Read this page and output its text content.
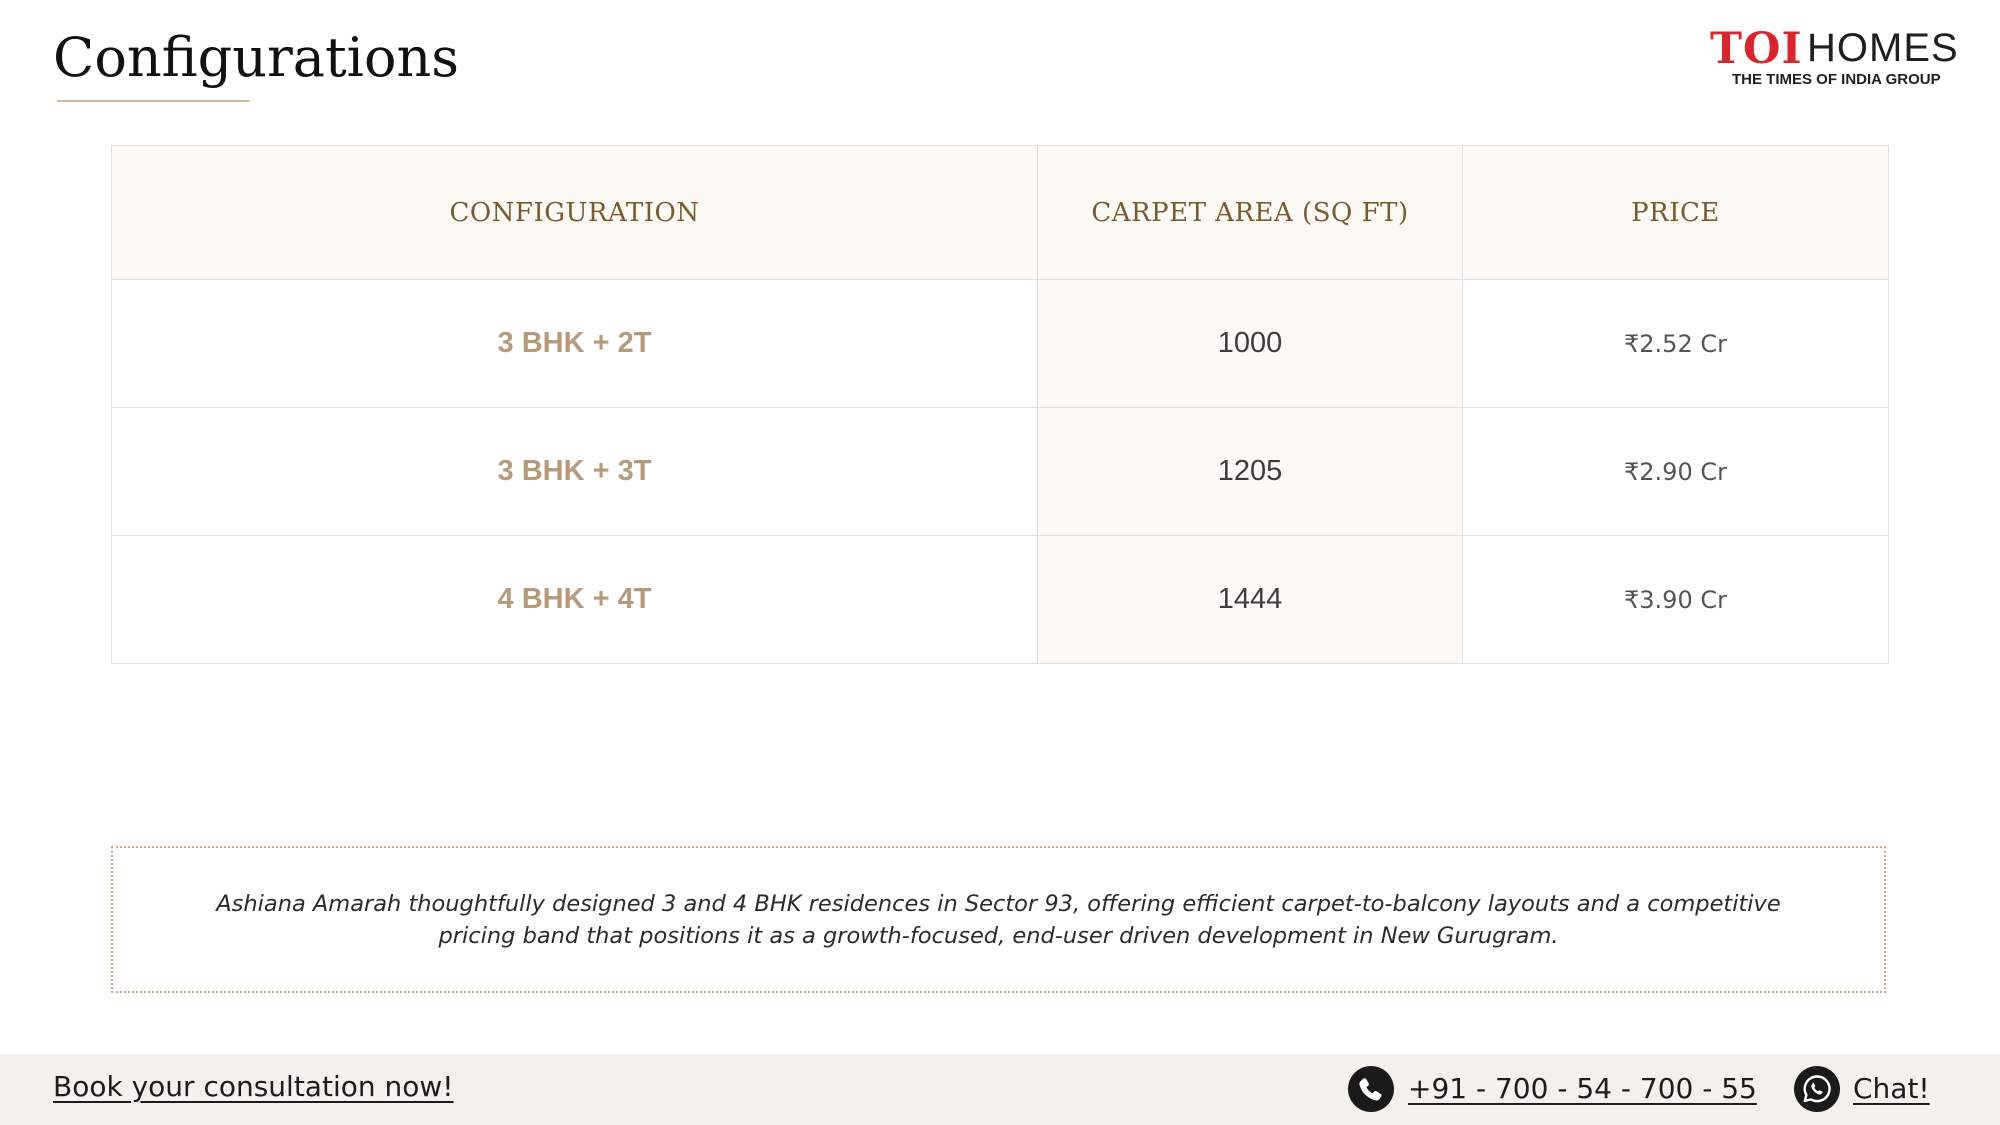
Configurations	TOI HOMES
THE TIMES OF INDIA GROUP
CONFIGURATION	CARPET AREA (SQ FT)	PRICE
3 BHK + 2T	1000	₹2.52 Cr
3 BHK + 3T	1205	₹2.90 Cr
4 BHK + 4T	1444	₹3.90 Cr

Ashiana Amarah thoughtfully designed 3 and 4 BHK residences in Sector 93, offering efficient carpet-to-balcony layouts and a competitive pricing band that positions it as a growth-focused, end-user driven development in New Gurugram.

Book your consultation now!	+91 - 700 - 54 - 700 - 55	Chat!
